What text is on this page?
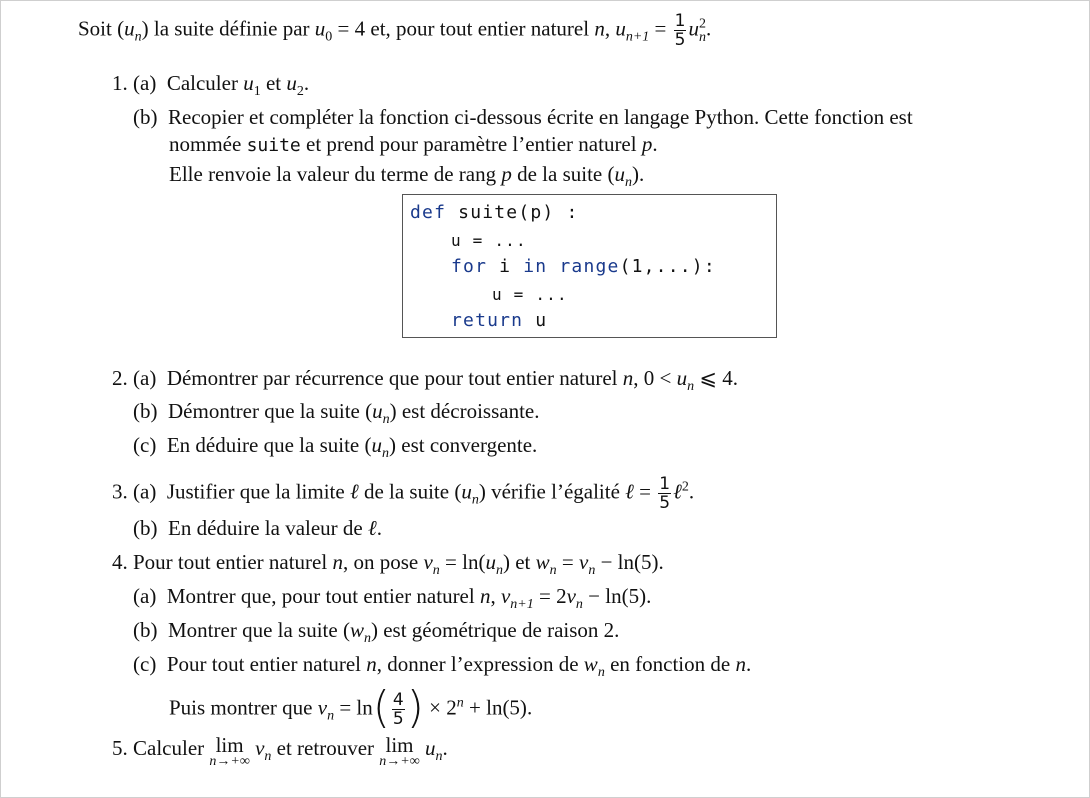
Soit $(u_n)$ la suite définie par $u_0 = 4$ et, pour tout entier naturel n, $u_{n+1} = \frac{1}{5} u^2_n$.
1. (a) Calculer $u_1$ et $u_2$.
(b) Recopier et compléter la fonction ci-dessous écrite en langage Python. Cette fonction est
nommée suite et prend pour paramètre l’entier naturel p.
Elle renvoie la valeur du terme de rang p de la suite $(u_n)$.
def suite(p) :
u = ...
for i in range(1,...):
u = ...
return u
2. (a) Démontrer par récurrence que pour tout entier naturel n, $0 < u_n$ ⩽ 4.
(b) Démontrer que la suite $(u_n)$ est décroissante.
(c) En déduire que la suite $(u_n)$ est convergente.
3. (a) Justifier que la limite ℓ de la suite $(u_n)$ vérifie l’égalité ℓ = $\frac{1}{5}$ ℓ$^2$.
(b) En déduire la valeur de ℓ.
4. Pour tout entier naturel n, on pose $v_n = \ln(u_n)$ et $w_n = v_n - \ln(5)$.
(a) Montrer que, pour tout entier naturel n, $v_{n+1} = 2v_n - \ln(5)$.
(b) Montrer que la suite $(w_n)$ est géométrique de raison 2.
(c) Pour tout entier naturel n, donner l’expression de $w_n$ en fonction de n.
Puis montrer que $v_n = \ln( \frac{4}{5}$ ) × $2^n + \ln(5)$.
5. Calculer lim
n→+∞
$v_n$ et retrouver lim
n→+∞
$u_n$.
